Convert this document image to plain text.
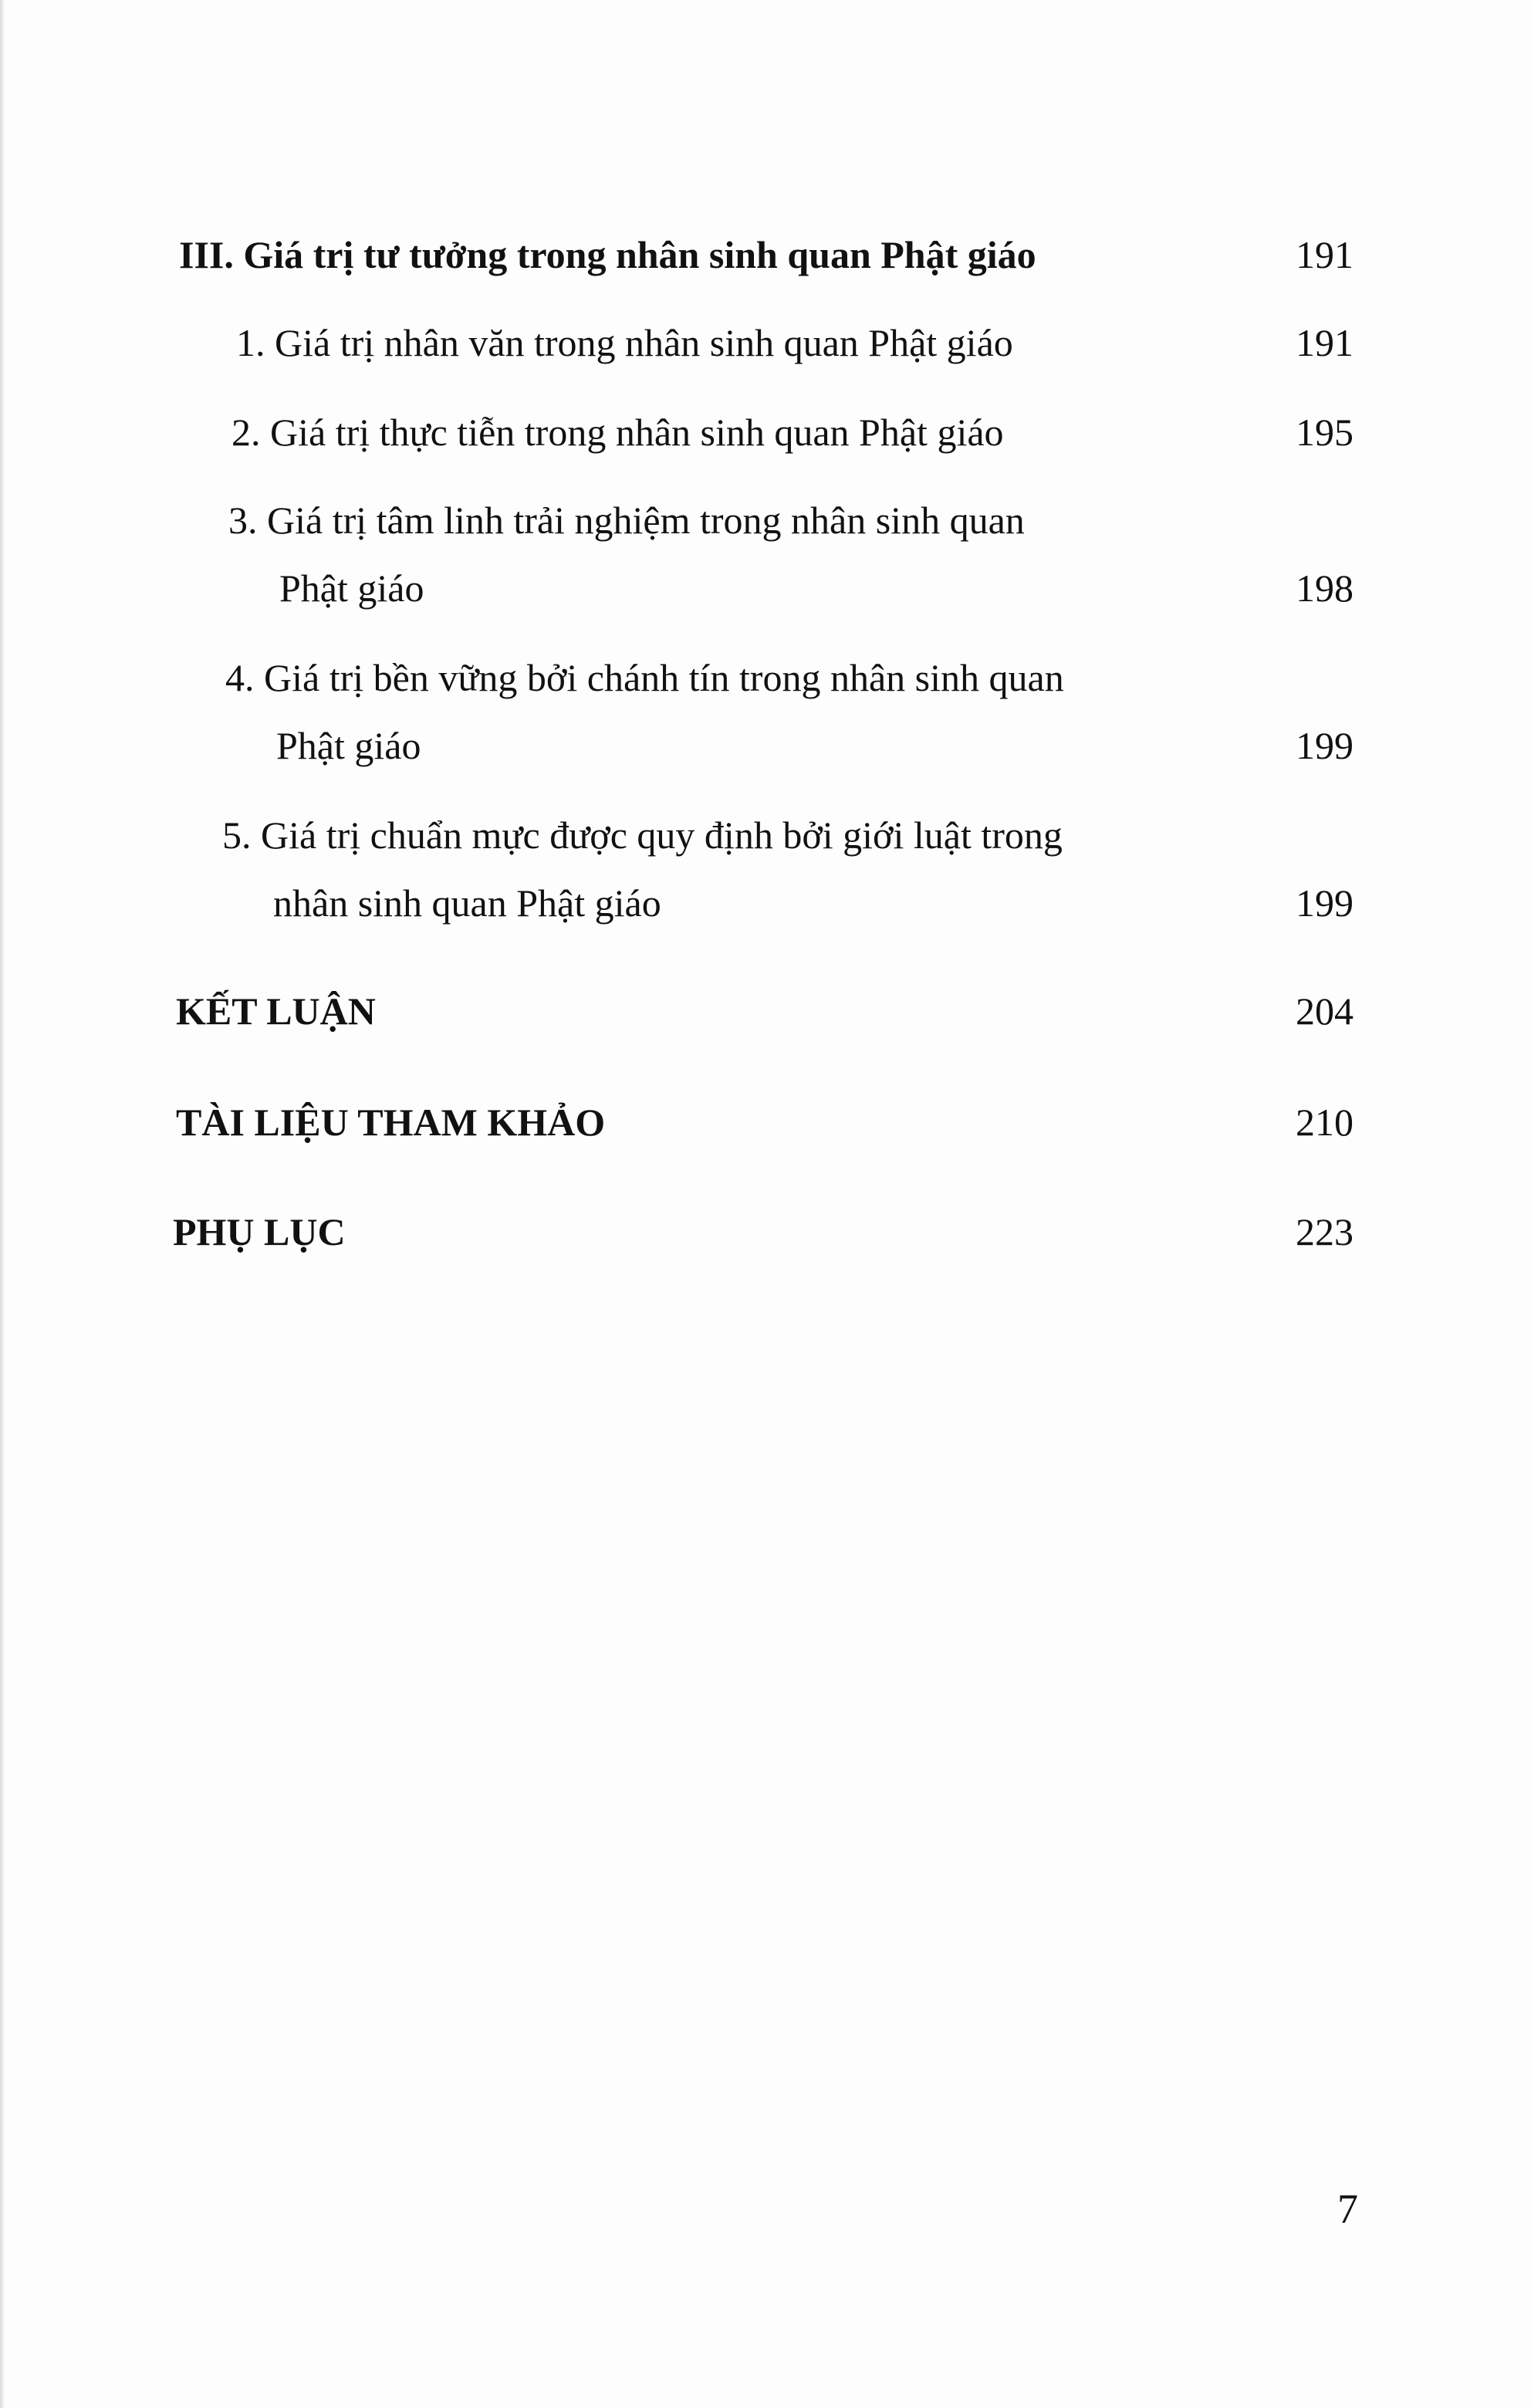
III. Giá trị tư tưởng trong nhân sinh quan Phật giáo	191
1. Giá trị nhân văn trong nhân sinh quan Phật giáo	191
2. Giá trị thực tiễn trong nhân sinh quan Phật giáo	195
3. Giá trị tâm linh trải nghiệm trong nhân sinh quan
Phật giáo	198
4. Giá trị bền vững bởi chánh tín trong nhân sinh quan
Phật giáo	199
5. Giá trị chuẩn mực được quy định bởi giới luật trong
nhân sinh quan Phật giáo	199
KẾT LUẬN	204
TÀI LIỆU THAM KHẢO	210
PHỤ LỤC	223
7
